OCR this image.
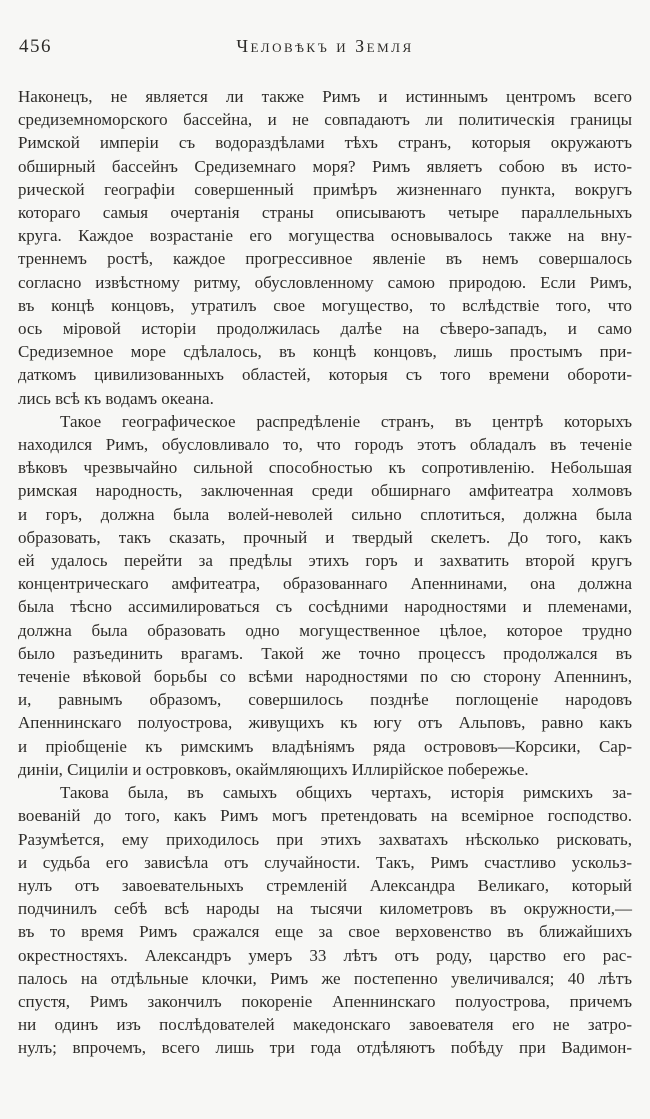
456	Человѣкъ и Земля
Наконецъ, не является ли также Римъ и истиннымъ центромъ всего
средиземноморского бассейна, и не совпадаютъ ли политическія границы
Римской имперіи съ водораздѣлами тѣхъ странъ, которыя окружаютъ
обширный бассейнъ Средиземнаго моря? Римъ являетъ собою въ исто-
рической географіи совершенный примѣръ жизненнаго пункта, вокругъ
котораго самыя очертанія страны описываютъ четыре параллельныхъ
круга. Каждое возрастаніе его могущества основывалось также на вну-
треннемъ ростѣ, каждое прогрессивное явленіе въ немъ совершалось
согласно извѣстному ритму, обусловленному самою природою. Если Римъ,
въ концѣ концовъ, утратилъ свое могущество, то вслѣдствіе того, что
ось міровой исторіи продолжилась далѣе на сѣверо-западъ, и само
Средиземное море сдѣлалось, въ концѣ концовъ, лишь простымъ при-
даткомъ цивилизованныхъ областей, которыя съ того времени обороти-
лись всѣ къ водамъ океана.
Такое географическое распредѣленіе странъ, въ центрѣ которыхъ
находился Римъ, обусловливало то, что городъ этотъ обладалъ въ теченіе
вѣковъ чрезвычайно сильной способностью къ сопротивленію. Небольшая
римская народность, заключенная среди обширнаго амфитеатра холмовъ
и горъ, должна была волей-неволей сильно сплотиться, должна была
образовать, такъ сказать, прочный и твердый скелетъ. До того, какъ
ей удалось перейти за предѣлы этихъ горъ и захватить второй кругъ
концентрическаго амфитеатра, образованнаго Апеннинами, она должна
была тѣсно ассимилироваться съ сосѣдними народностями и племенами,
должна была образовать одно могущественное цѣлое, которое трудно
было разъединить врагамъ. Такой же точно процессъ продолжался въ
теченіе вѣковой борьбы со всѣми народностями по сю сторону Апеннинъ,
и, равнымъ образомъ, совершилось позднѣе поглощеніе народовъ
Апеннинскаго полуострова, живущихъ къ югу отъ Альповъ, равно какъ
и пріобщеніе къ римскимъ владѣніямъ ряда острововъ—Корсики, Сар-
диніи, Сициліи и островковъ, окаймляющихъ Иллирійское побережье.
Такова была, въ самыхъ общихъ чертахъ, исторія римскихъ за-
воеваній до того, какъ Римъ могъ претендовать на всемірное господство.
Разумѣется, ему приходилось при этихъ захватахъ нѣсколько рисковать,
и судьба его зависѣла отъ случайности. Такъ, Римъ счастливо ускольз-
нулъ отъ завоевательныхъ стремленій Александра Великаго, который
подчинилъ себѣ всѣ народы на тысячи километровъ въ окружности,—
въ то время Римъ сражался еще за свое верховенство въ ближайшихъ
окрестностяхъ. Александръ умеръ 33 лѣтъ отъ роду, царство его рас-
палось на отдѣльные клочки, Римъ же постепенно увеличивался; 40 лѣтъ
спустя, Римъ закончилъ покореніе Апеннинскаго полуострова, причемъ
ни одинъ изъ послѣдователей македонскаго завоевателя его не затро-
нулъ; впрочемъ, всего лишь три года отдѣляютъ побѣду при Вадимон-
